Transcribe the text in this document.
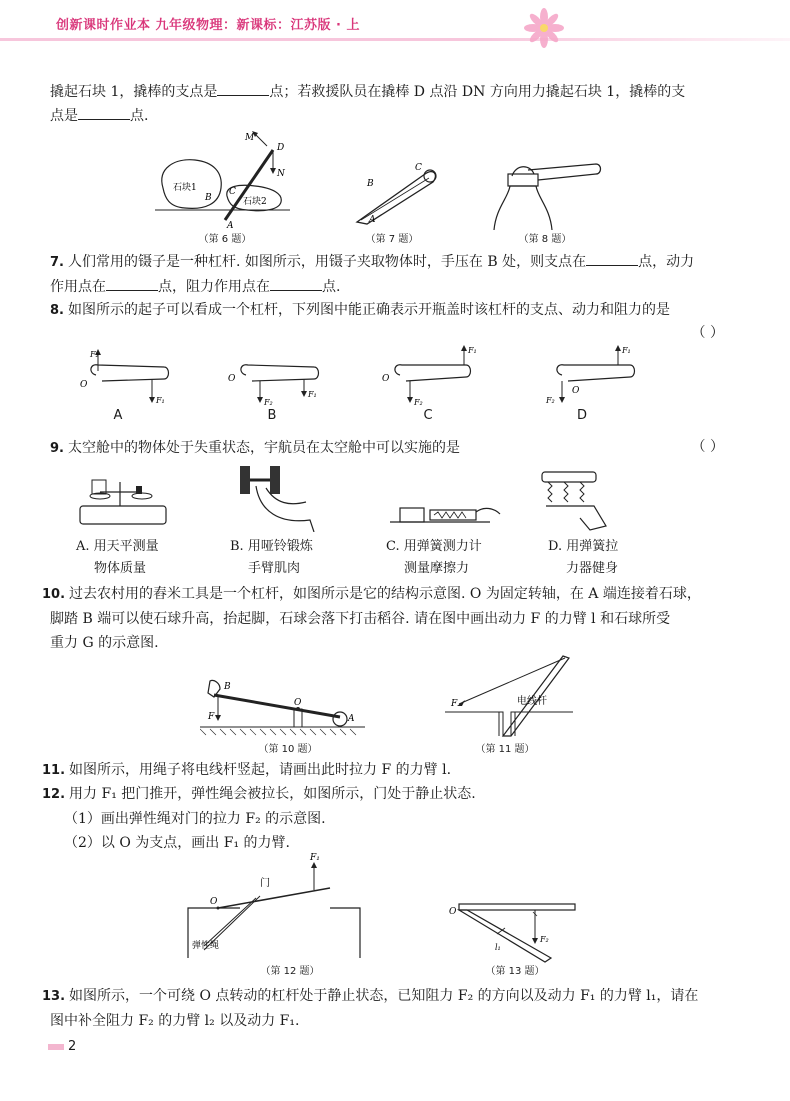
创新课时作业本 九年级物理：新课标：江苏版 · 上
撬起石块 1，撬棒的支点是	点；若救援队员在撬棒 D 点沿 DN 方向用力撬起石块 1，撬棒的支
点是	点.
M
D
N
石块1
石块2
A
B
C
（第 6 题）
C
B
A
（第 7 题）	（第 8 题）
7. 人们常用的镊子是一种杠杆. 如图所示，用镊子夹取物体时，手压在 B 处，则支点在	点，动力
作用点在	点，阻力作用点在	点.
8. 如图所示的起子可以看成一个杠杆，下列图中能正确表示开瓶盖时该杠杆的支点、动力和阻力的是
（ ）
O
F₂
F₁
O
F₂
F₁
O
F₁
F₂
O
F₁
F₂
A	B	C	D
9. 太空舱中的物体处于失重状态，宇航员在太空舱中可以实施的是	（ ）
A. 用天平测量
物体质量
B. 用哑铃锻炼
手臂肌肉
C. 用弹簧测力计
测量摩擦力
D. 用弹簧拉
力器健身
10. 过去农村用的舂米工具是一个杠杆，如图所示是它的结构示意图. O 为固定转轴，在 A 端连接着石球，
脚踏 B 端可以使石球升高，抬起脚，石球会落下打击稻谷. 请在图中画出动力 F 的力臂 l 和石球所受
重力 G 的示意图.
B
O
F	A
（第 10 题）
F	电线杆
（第 11 题）
11. 如图所示，用绳子将电线杆竖起，请画出此时拉力 F 的力臂 l.
12. 用力 F₁ 把门推开，弹性绳会被拉长，如图所示，门处于静止状态.
（1）画出弹性绳对门的拉力 F₂ 的示意图.
（2）以 O 为支点，画出 F₁ 的力臂.
F₁
门
O
弹性绳
（第 12 题）
O
F₂
l₁
（第 13 题）
13. 如图所示，一个可绕 O 点转动的杠杆处于静止状态，已知阻力 F₂ 的方向以及动力 F₁ 的力臂 l₁，请在
图中补全阻力 F₂ 的力臂 l₂ 以及动力 F₁.
2
